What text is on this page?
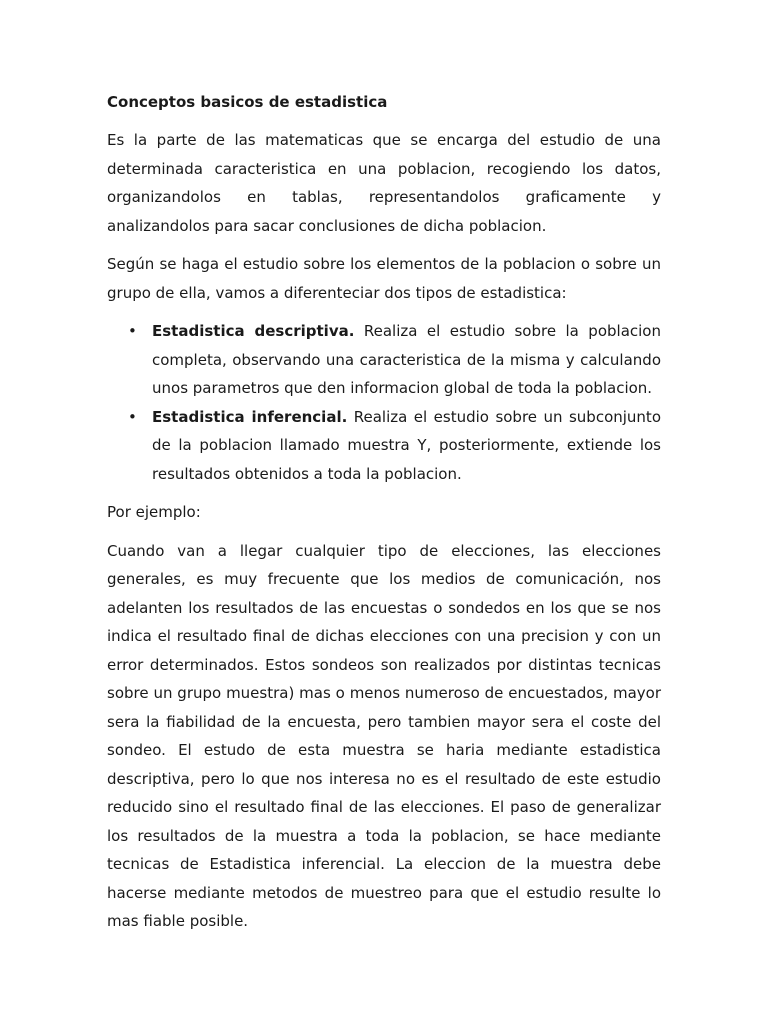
Conceptos basicos de estadistica

Es la parte de las matematicas que se encarga del estudio de una determinada caracteristica en una poblacion, recogiendo los datos, organizandolos en tablas, representandolos graficamente y analizandolos para sacar conclusiones de dicha poblacion.

Según se haga el estudio sobre los elementos de la poblacion o sobre un grupo de ella, vamos a diferenteciar dos tipos de estadistica:

• Estadistica descriptiva. Realiza el estudio sobre la poblacion completa, observando una caracteristica de la misma y calculando unos parametros que den informacion global de toda la poblacion.
• Estadistica inferencial. Realiza el estudio sobre un subconjunto de la poblacion llamado muestra Y, posteriormente, extiende los resultados obtenidos a toda la poblacion.

Por ejemplo:

Cuando van a llegar cualquier tipo de elecciones, las elecciones generales, es muy frecuente que los medios de comunicación, nos adelanten los resultados de las encuestas o sondedos en los que se nos indica el resultado final de dichas elecciones con una precision y con un error determinados. Estos sondeos son realizados por distintas tecnicas sobre un grupo muestra) mas o menos numeroso de encuestados, mayor sera la fiabilidad de la encuesta, pero tambien mayor sera el coste del sondeo. El estudo de esta muestra se haria mediante estadistica descriptiva, pero lo que nos interesa no es el resultado de este estudio reducido sino el resultado final de las elecciones. El paso de generalizar los resultados de la muestra a toda la poblacion, se hace mediante tecnicas de Estadistica inferencial. La eleccion de la muestra debe hacerse mediante metodos de muestreo para que el estudio resulte lo mas fiable posible.
